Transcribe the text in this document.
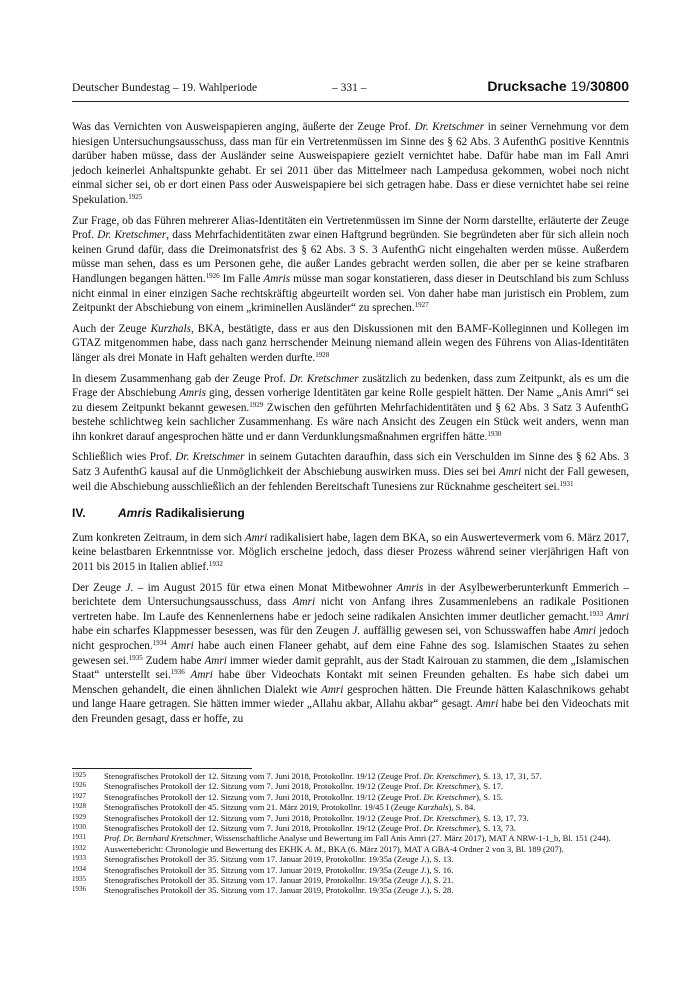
Deutscher Bundestag – 19. Wahlperiode	– 331 –	Drucksache 19/30800

Was das Vernichten von Ausweispapieren anging, äußerte der Zeuge Prof. Dr. Kretschmer in seiner Vernehmung vor dem hiesigen Untersuchungsausschuss, dass man für ein Vertretenmüssen im Sinne des § 62 Abs. 3 AufenthG positive Kenntnis darüber haben müsse, dass der Ausländer seine Ausweispapiere gezielt vernichtet habe. Dafür habe man im Fall Amri jedoch keinerlei Anhaltspunkte gehabt. Er sei 2011 über das Mittelmeer nach Lampedusa gekommen, wobei noch nicht einmal sicher sei, ob er dort einen Pass oder Ausweispapiere bei sich getragen habe. Dass er diese vernichtet habe sei reine Spekulation.$^{1925}$

Zur Frage, ob das Führen mehrerer Alias-Identitäten ein Vertretenmüssen im Sinne der Norm darstellte, erläuterte der Zeuge Prof. Dr. Kretschmer, dass Mehrfachidentitäten zwar einen Haftgrund begründen. Sie begründeten aber für sich allein noch keinen Grund dafür, dass die Dreimonatsfrist des § 62 Abs. 3 S. 3 AufenthG nicht eingehalten werden müsse. Außerdem müsse man sehen, dass es um Personen gehe, die außer Landes gebracht werden sollen, die aber per se keine strafbaren Handlungen begangen hätten.$^{1926}$ Im Falle Amris müsse man sogar konstatieren, dass dieser in Deutschland bis zum Schluss nicht einmal in einer einzigen Sache rechtskräftig abgeurteilt worden sei. Von daher habe man juristisch ein Problem, zum Zeitpunkt der Abschiebung von einem „kriminellen Ausländer“ zu sprechen.$^{1927}$

Auch der Zeuge Kurzhals, BKA, bestätigte, dass er aus den Diskussionen mit den BAMF-Kolleginnen und Kollegen im GTAZ mitgenommen habe, dass nach ganz herrschender Meinung niemand allein wegen des Führens von Alias-Identitäten länger als drei Monate in Haft gehalten werden durfte.$^{1928}$

In diesem Zusammenhang gab der Zeuge Prof. Dr. Kretschmer zusätzlich zu bedenken, dass zum Zeitpunkt, als es um die Frage der Abschiebung Amris ging, dessen vorherige Identitäten gar keine Rolle gespielt hätten. Der Name „Anis Amri“ sei zu diesem Zeitpunkt bekannt gewesen.$^{1929}$ Zwischen den geführten Mehrfachidentitäten und § 62 Abs. 3 Satz 3 AufenthG bestehe schlichtweg kein sachlicher Zusammenhang. Es wäre nach Ansicht des Zeugen ein Stück weit anders, wenn man ihn konkret darauf angesprochen hätte und er dann Verdunklungsmaßnahmen ergriffen hätte.$^{1930}$

Schließlich wies Prof. Dr. Kretschmer in seinem Gutachten daraufhin, dass sich ein Verschulden im Sinne des § 62 Abs. 3 Satz 3 AufenthG kausal auf die Unmöglichkeit der Abschiebung auswirken muss. Dies sei bei Amri nicht der Fall gewesen, weil die Abschiebung ausschließlich an der fehlenden Bereitschaft Tunesiens zur Rücknahme gescheitert sei.$^{1931}$

IV.	Amris Radikalisierung

Zum konkreten Zeitraum, in dem sich Amri radikalisiert habe, lagen dem BKA, so ein Auswertevermerk vom 6. März 2017, keine belastbaren Erkenntnisse vor. Möglich erscheine jedoch, dass dieser Prozess während seiner vierjährigen Haft von 2011 bis 2015 in Italien ablief.$^{1932}$

Der Zeuge J. – im August 2015 für etwa einen Monat Mitbewohner Amris in der Asylbewerberunterkunft Emmerich – berichtete dem Untersuchungsausschuss, dass Amri nicht von Anfang ihres Zusammenlebens an radikale Positionen vertreten habe. Im Laufe des Kennenlernens habe er jedoch seine radikalen Ansichten immer deutlicher gemacht.$^{1933}$ Amri habe ein scharfes Klappmesser besessen, was für den Zeugen J. auffällig gewesen sei, von Schusswaffen habe Amri jedoch nicht gesprochen.$^{1934}$ Amri habe auch einen Flaneer gehabt, auf dem eine Fahne des sog. Islamischen Staates zu sehen gewesen sei.$^{1935}$ Zudem habe Amri immer wieder damit geprahlt, aus der Stadt Kairouan zu stammen, die dem „Islamischen Staat“ unterstellt sei.$^{1936}$ Amri habe über Videochats Kontakt mit seinen Freunden gehalten. Es habe sich dabei um Menschen gehandelt, die einen ähnlichen Dialekt wie Amri gesprochen hätten. Die Freunde hätten Kalaschnikows gehabt und lange Haare getragen. Sie hätten immer wieder „Allahu akbar, Allahu akbar“ gesagt. Amri habe bei den Videochats mit den Freunden gesagt, dass er hoffe, zu

1925	Stenografisches Protokoll der 12. Sitzung vom 7. Juni 2018, Protokollnr. 19/12 (Zeuge Prof. Dr. Kretschmer), S. 13, 17, 31, 57.
1926	Stenografisches Protokoll der 12. Sitzung vom 7. Juni 2018, Protokollnr. 19/12 (Zeuge Prof. Dr. Kretschmer), S. 17.
1927	Stenografisches Protokoll der 12. Sitzung vom 7. Juni 2018, Protokollnr. 19/12 (Zeuge Prof. Dr. Kretschmer), S. 15.
1928	Stenografisches Protokoll der 45. Sitzung vom 21. März 2019, Protokollnr. 19/45 I (Zeuge Kurzhals), S. 84.
1929	Stenografisches Protokoll der 12. Sitzung vom 7. Juni 2018, Protokollnr. 19/12 (Zeuge Prof. Dr. Kretschmer), S. 13, 17, 73.
1930	Stenografisches Protokoll der 12. Sitzung vom 7. Juni 2018, Protokollnr. 19/12 (Zeuge Prof. Dr. Kretschmer), S. 13, 73.
1931	Prof. Dr. Bernhard Kretschmer, Wissenschaftliche Analyse und Bewertung im Fall Anis Amri (27. März 2017), MAT A NRW-1-1_b, Bl. 151 (244).
1932	Auswertebericht: Chronologie und Bewertung des EKHK A. M., BKA (6. März 2017), MAT A GBA-4 Ordner 2 von 3, Bl. 189 (207).
1933	Stenografisches Protokoll der 35. Sitzung vom 17. Januar 2019, Protokollnr. 19/35a (Zeuge J.), S. 13.
1934	Stenografisches Protokoll der 35. Sitzung vom 17. Januar 2019, Protokollnr. 19/35a (Zeuge J.), S. 16.
1935	Stenografisches Protokoll der 35. Sitzung vom 17. Januar 2019, Protokollnr. 19/35a (Zeuge J.), S. 21.
1936	Stenografisches Protokoll der 35. Sitzung vom 17. Januar 2019, Protokollnr. 19/35a (Zeuge J.), S. 28.
